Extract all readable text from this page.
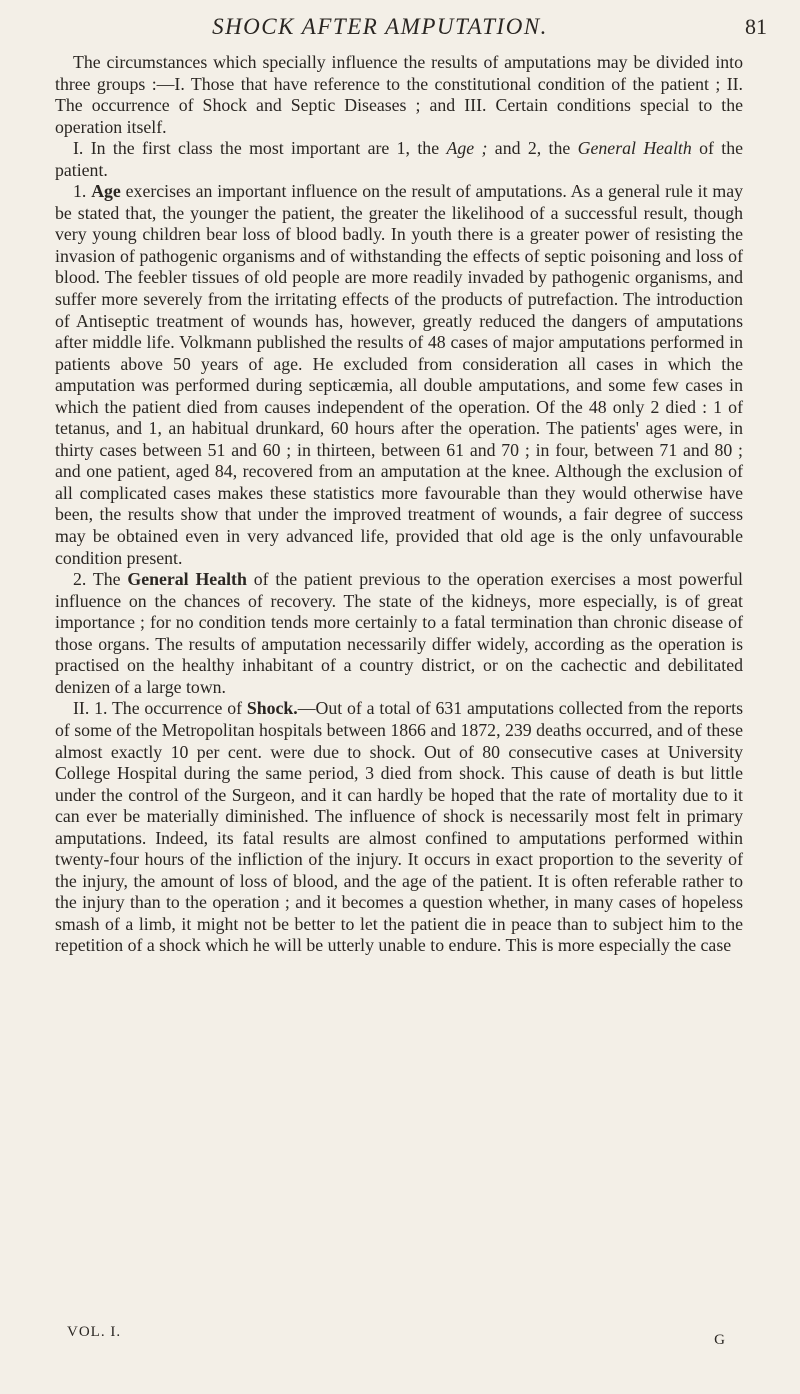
SHOCK AFTER AMPUTATION.	81

The circumstances which specially influence the results of amputations may be divided into three groups :—I. Those that have reference to the constitutional condition of the patient ; II. The occurrence of Shock and Septic Diseases ; and III. Certain conditions special to the operation itself.

I. In the first class the most important are 1, the Age ; and 2, the General Health of the patient.

1. Age exercises an important influence on the result of amputations. As a general rule it may be stated that, the younger the patient, the greater the likelihood of a successful result, though very young children bear loss of blood badly. In youth there is a greater power of resisting the invasion of pathogenic organisms and of withstanding the effects of septic poisoning and loss of blood. The feebler tissues of old people are more readily invaded by pathogenic organisms, and suffer more severely from the irritating effects of the products of putrefaction. The introduction of Antiseptic treatment of wounds has, however, greatly reduced the dangers of amputations after middle life. Volkmann published the results of 48 cases of major amputations performed in patients above 50 years of age. He excluded from consideration all cases in which the amputation was performed during septicæmia, all double amputations, and some few cases in which the patient died from causes independent of the operation. Of the 48 only 2 died : 1 of tetanus, and 1, an habitual drunkard, 60 hours after the operation. The patients' ages were, in thirty cases between 51 and 60 ; in thirteen, between 61 and 70 ; in four, between 71 and 80 ; and one patient, aged 84, recovered from an amputation at the knee. Although the exclusion of all complicated cases makes these statistics more favourable than they would otherwise have been, the results show that under the improved treatment of wounds, a fair degree of success may be obtained even in very advanced life, provided that old age is the only unfavourable condition present.

2. The General Health of the patient previous to the operation exercises a most powerful influence on the chances of recovery. The state of the kidneys, more especially, is of great importance ; for no condition tends more certainly to a fatal termination than chronic disease of those organs. The results of amputation necessarily differ widely, according as the operation is practised on the healthy inhabitant of a country district, or on the cachectic and debilitated denizen of a large town.

II. 1. The occurrence of Shock.—Out of a total of 631 amputations collected from the reports of some of the Metropolitan hospitals between 1866 and 1872, 239 deaths occurred, and of these almost exactly 10 per cent. were due to shock. Out of 80 consecutive cases at University College Hospital during the same period, 3 died from shock. This cause of death is but little under the control of the Surgeon, and it can hardly be hoped that the rate of mortality due to it can ever be materially diminished. The influence of shock is necessarily most felt in primary amputations. Indeed, its fatal results are almost confined to amputations performed within twenty-four hours of the infliction of the injury. It occurs in exact proportion to the severity of the injury, the amount of loss of blood, and the age of the patient. It is often referable rather to the injury than to the operation ; and it becomes a question whether, in many cases of hopeless smash of a limb, it might not be better to let the patient die in peace than to subject him to the repetition of a shock which he will be utterly unable to endure. This is more especially the case

VOL. I.	G
